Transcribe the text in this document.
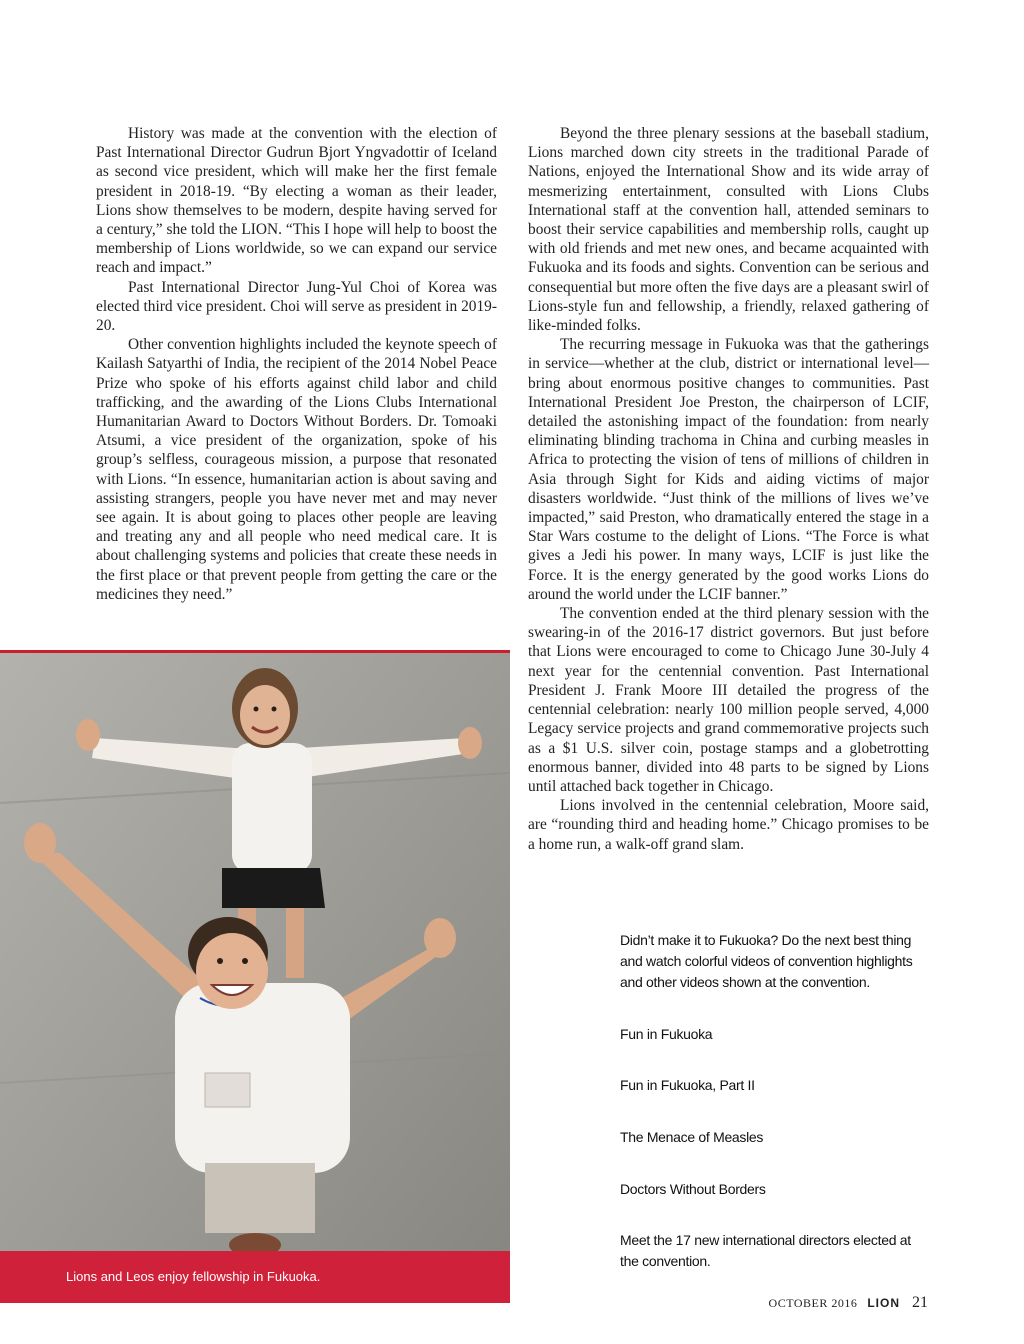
History was made at the convention with the election of Past International Director Gudrun Bjort Yngvadottir of Iceland as second vice president, which will make her the first female president in 2018-19. “By electing a woman as their leader, Lions show themselves to be modern, despite having served for a century,” she told the LION. “This I hope will help to boost the membership of Lions worldwide, so we can expand our service reach and impact.”

Past International Director Jung-Yul Choi of Korea was elected third vice president. Choi will serve as president in 2019-20.

Other convention highlights included the keynote speech of Kailash Satyarthi of India, the recipient of the 2014 Nobel Peace Prize who spoke of his efforts against child labor and child trafficking, and the awarding of the Lions Clubs International Humanitarian Award to Doctors Without Borders. Dr. Tomoaki Atsumi, a vice president of the organization, spoke of his group’s selfless, courageous mission, a purpose that resonated with Lions. “In essence, humanitarian action is about saving and assisting strangers, people you have never met and may never see again. It is about going to places other people are leaving and treating any and all people who need medical care. It is about challenging systems and policies that create these needs in the first place or that prevent people from getting the care or the medicines they need.”

Beyond the three plenary sessions at the baseball stadium, Lions marched down city streets in the traditional Parade of Nations, enjoyed the International Show and its wide array of mesmerizing entertainment, consulted with Lions Clubs International staff at the convention hall, attended seminars to boost their service capabilities and membership rolls, caught up with old friends and met new ones, and became acquainted with Fukuoka and its foods and sights. Convention can be serious and consequential but more often the five days are a pleasant swirl of Lions-style fun and fellowship, a friendly, relaxed gathering of like-minded folks.

The recurring message in Fukuoka was that the gatherings in service—whether at the club, district or international level—bring about enormous positive changes to communities. Past International President Joe Preston, the chairperson of LCIF, detailed the astonishing impact of the foundation: from nearly eliminating blinding trachoma in China and curbing measles in Africa to protecting the vision of tens of millions of children in Asia through Sight for Kids and aiding victims of major disasters worldwide. “Just think of the millions of lives we’ve impacted,” said Preston, who dramatically entered the stage in a Star Wars costume to the delight of Lions. “The Force is what gives a Jedi his power. In many ways, LCIF is just like the Force. It is the energy generated by the good works Lions do around the world under the LCIF banner.”

The convention ended at the third plenary session with the swearing-in of the 2016-17 district governors. But just before that Lions were encouraged to come to Chicago June 30-July 4 next year for the centennial convention. Past International President J. Frank Moore III detailed the progress of the centennial celebration: nearly 100 million people served, 4,000 Legacy service projects and grand commemorative projects such as a $1 U.S. silver coin, postage stamps and a globetrotting enormous banner, divided into 48 parts to be signed by Lions until attached back together in Chicago.

Lions involved in the centennial celebration, Moore said, are “rounding third and heading home.” Chicago promises to be a home run, a walk-off grand slam.

Lions and Leos enjoy fellowship in Fukuoka.
Didn’t make it to Fukuoka? Do the next best thing and watch colorful videos of convention highlights and other videos shown at the convention.
Fun in Fukuoka
Fun in Fukuoka, Part II
The Menace of Measles
Doctors Without Borders
Meet the 17 new international directors elected at the convention.
OCTOBER 2016 LION 21
